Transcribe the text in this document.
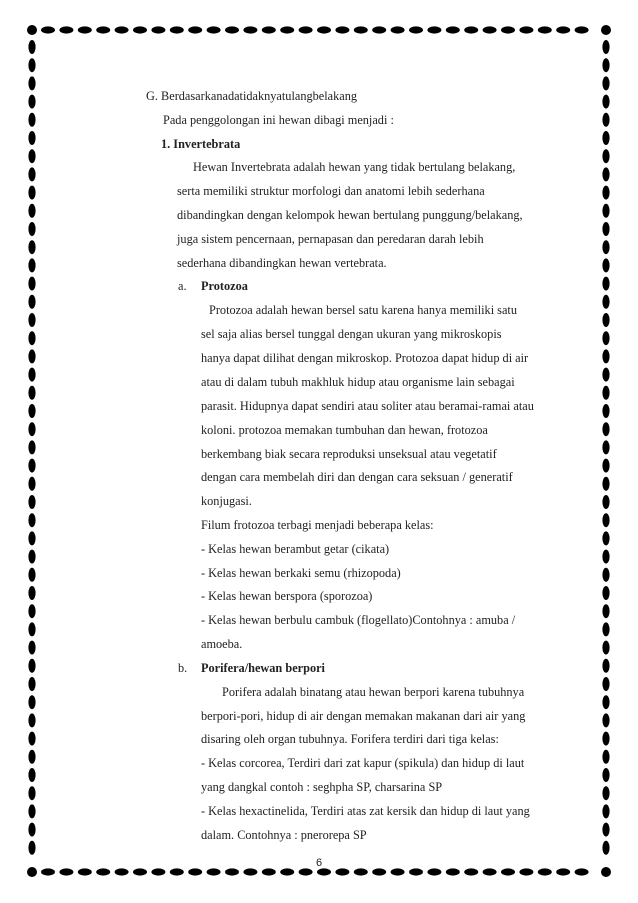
G. Berdasarkanadatidaknyatulangbelakang
Pada penggolongan ini hewan dibagi menjadi :
1. Invertebrata
Hewan Invertebrata adalah hewan yang tidak bertulang belakang,
serta memiliki struktur morfologi dan anatomi lebih sederhana
dibandingkan dengan kelompok hewan bertulang punggung/belakang,
juga sistem pencernaan, pernapasan dan peredaran darah lebih
sederhana dibandingkan hewan vertebrata.
a. Protozoa
Protozoa adalah hewan bersel satu karena hanya memiliki satu
sel saja alias bersel tunggal dengan ukuran yang mikroskopis
hanya dapat dilihat dengan mikroskop. Protozoa dapat hidup di air
atau di dalam tubuh makhluk hidup atau organisme lain sebagai
parasit. Hidupnya dapat sendiri atau soliter atau beramai-ramai atau
koloni. protozoa memakan tumbuhan dan hewan, frotozoa
berkembang biak secara reproduksi unseksual atau vegetatif
dengan cara membelah diri dan dengan cara seksuan / generatif
konjugasi.
Filum frotozoa terbagi menjadi beberapa kelas:
- Kelas hewan berambut getar (cikata)
- Kelas hewan berkaki semu (rhizopoda)
- Kelas hewan berspora (sporozoa)
- Kelas hewan berbulu cambuk (flogellato)Contohnya : amuba /
amoeba.
b. Porifera/hewan berpori
Porifera adalah binatang atau hewan berpori karena tubuhnya
berpori-pori, hidup di air dengan memakan makanan dari air yang
disaring oleh organ tubuhnya. Forifera terdiri dari tiga kelas:
- Kelas corcorea, Terdiri dari zat kapur (spikula) dan hidup di laut
yang dangkal contoh : seghpha SP, charsarina SP
- Kelas hexactinelida, Terdiri atas zat kersik dan hidup di laut yang
dalam. Contohnya : pnerorepa SP
6
